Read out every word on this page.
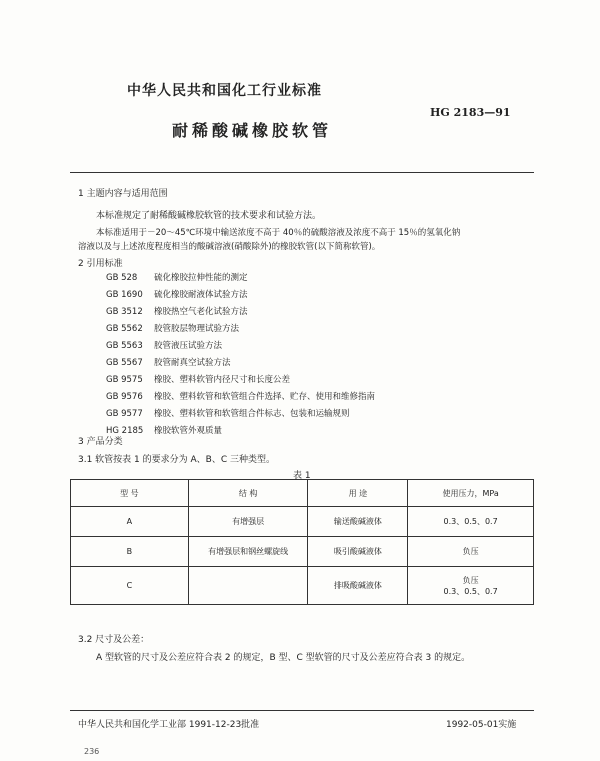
中华人民共和国化工行业标准
HG 2183—91
耐稀酸碱橡胶软管
1 主题内容与适用范围
本标准规定了耐稀酸碱橡胶软管的技术要求和试验方法。
本标准适用于－20～45℃环境中输送浓度不高于 40％的硫酸溶液及浓度不高于 15％的氢氧化钠
溶液以及与上述浓度程度相当的酸碱溶液(硝酸除外)的橡胶软管(以下简称软管)。
2 引用标准
GB 528 硫化橡胶拉伸性能的测定
GB 1690 硫化橡胶耐液体试验方法
GB 3512 橡胶热空气老化试验方法
GB 5562 胶管胶层物理试验方法
GB 5563 胶管液压试验方法
GB 5567 胶管耐真空试验方法
GB 9575 橡胶、塑料软管内径尺寸和长度公差
GB 9576 橡胶、塑料软管和软管组合件选择、贮存、使用和维修指南
GB 9577 橡胶、塑料软管和软管组合件标志、包装和运输规则
HG 2185 橡胶软管外观质量
3 产品分类
3.1 软管按表 1 的要求分为 A、B、C 三种类型。
表 1
型 号	结 构	用 途	使用压力，MPa
A	有增强层	输送酸碱液体	0.3、0.5、0.7

B	有增强层和钢丝螺旋线	吸引酸碱液体	负压

C		排吸酸碱液体	负压
0.3、0.5、0.7
3.2 尺寸及公差：
A 型软管的尺寸及公差应符合表 2 的规定，B 型、C 型软管的尺寸及公差应符合表 3 的规定。
中华人民共和国化学工业部 1991-12-23批准	1992-05-01实施
236
